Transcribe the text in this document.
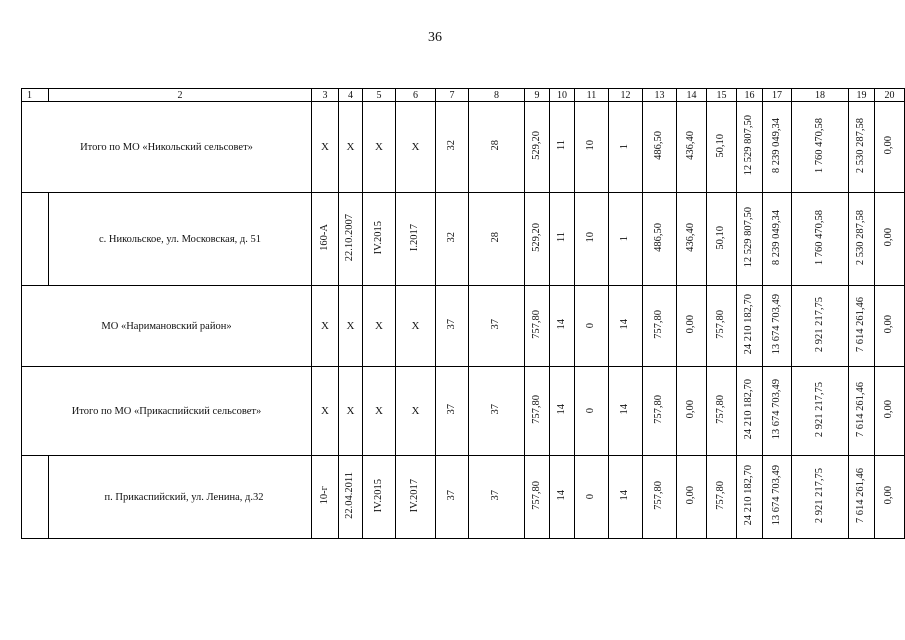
36
1	2	3	4	5	6	7	8	9	10	11	12	13	14	15	16	17	18	19	20
Итого по МО «Никольский сельсовет»		X	X	X	X	32	28	529,20	11	10	1	486,50	436,40	50,10	12 529 807,50	8 239 049,34	1 760 470,58	2 530 287,58	0,00
	с. Никольское, ул. Московская, д. 51	160-А	22.10.2007	IV.2015	I.2017	32	28	529,20	11	10	1	486,50	436,40	50,10	12 529 807,50	8 239 049,34	1 760 470,58	2 530 287,58	0,00
МО «Наримановский район»		X	X	X	X	37	37	757,80	14	0	14	757,80	0,00	757,80	24 210 182,70	13 674 703,49	2 921 217,75	7 614 261,46	0,00
Итого по МО «Прикаспийский сельсовет»		X	X	X	X	37	37	757,80	14	0	14	757,80	0,00	757,80	24 210 182,70	13 674 703,49	2 921 217,75	7 614 261,46	0,00
	п. Прикаспийский, ул. Ленина, д.32	10-г	22.04.2011	IV.2015	IV.2017	37	37	757,80	14	0	14	757,80	0,00	757,80	24 210 182,70	13 674 703,49	2 921 217,75	7 614 261,46	0,00
